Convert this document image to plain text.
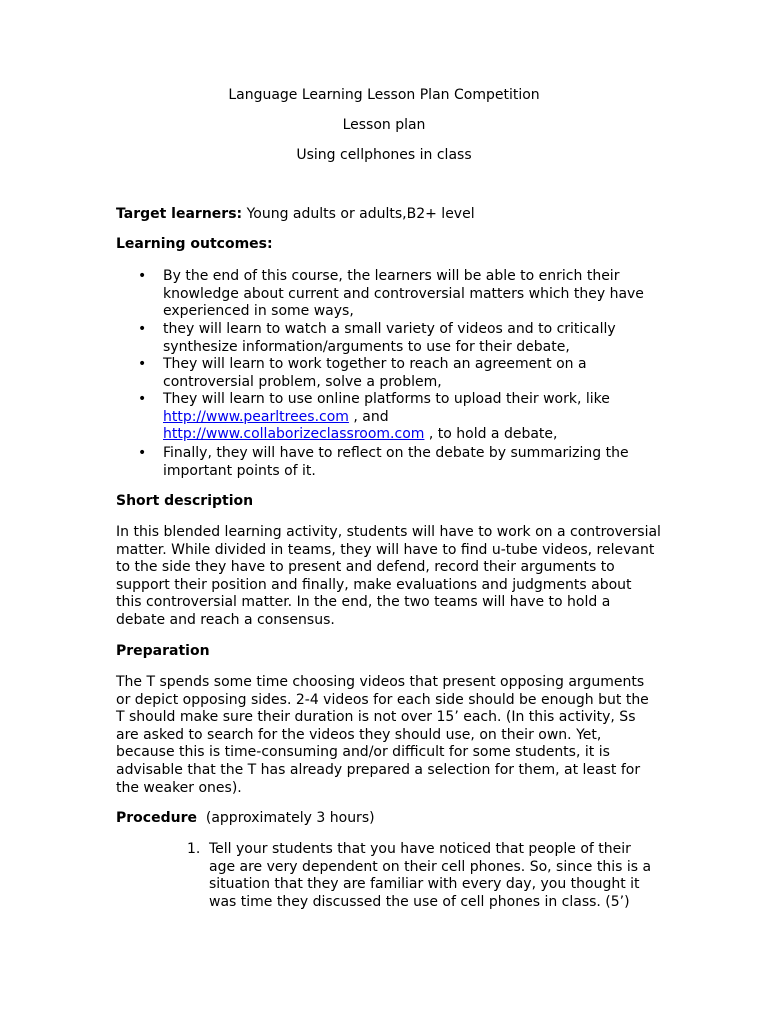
Language Learning Lesson Plan Competition
Lesson plan
Using cellphones in class
Target learners: Young adults or adults,B2+ level
Learning outcomes:
• By the end of this course, the learners will be able to enrich their knowledge about current and controversial matters which they have experienced in some ways,
• they will learn to watch a small variety of videos and to critically synthesize information/arguments to use for their debate,
• They will learn to work together to reach an agreement on a controversial problem, solve a problem,
• They will learn to use online platforms to upload their work, like
http://www.pearltrees.com , and
http://www.collaborizeclassroom.com , to hold a debate,
• Finally, they will have to reflect on the debate by summarizing the important points of it.
Short description
In this blended learning activity, students will have to work on a controversial matter. While divided in teams, they will have to find u-tube videos, relevant to the side they have to present and defend, record their arguments to support their position and finally, make evaluations and judgments about this controversial matter. In the end, the two teams will have to hold a debate and reach a consensus.
Preparation
The T spends some time choosing videos that present opposing arguments or depict opposing sides. 2-4 videos for each side should be enough but the T should make sure their duration is not over 15’ each. (In this activity, Ss are asked to search for the videos they should use, on their own. Yet, because this is time-consuming and/or difficult for some students, it is advisable that the T has already prepared a selection for them, at least for the weaker ones).
Procedure (approximately 3 hours)
1. Tell your students that you have noticed that people of their age are very dependent on their cell phones. So, since this is a situation that they are familiar with every day, you thought it was time they discussed the use of cell phones in class. (5’)
